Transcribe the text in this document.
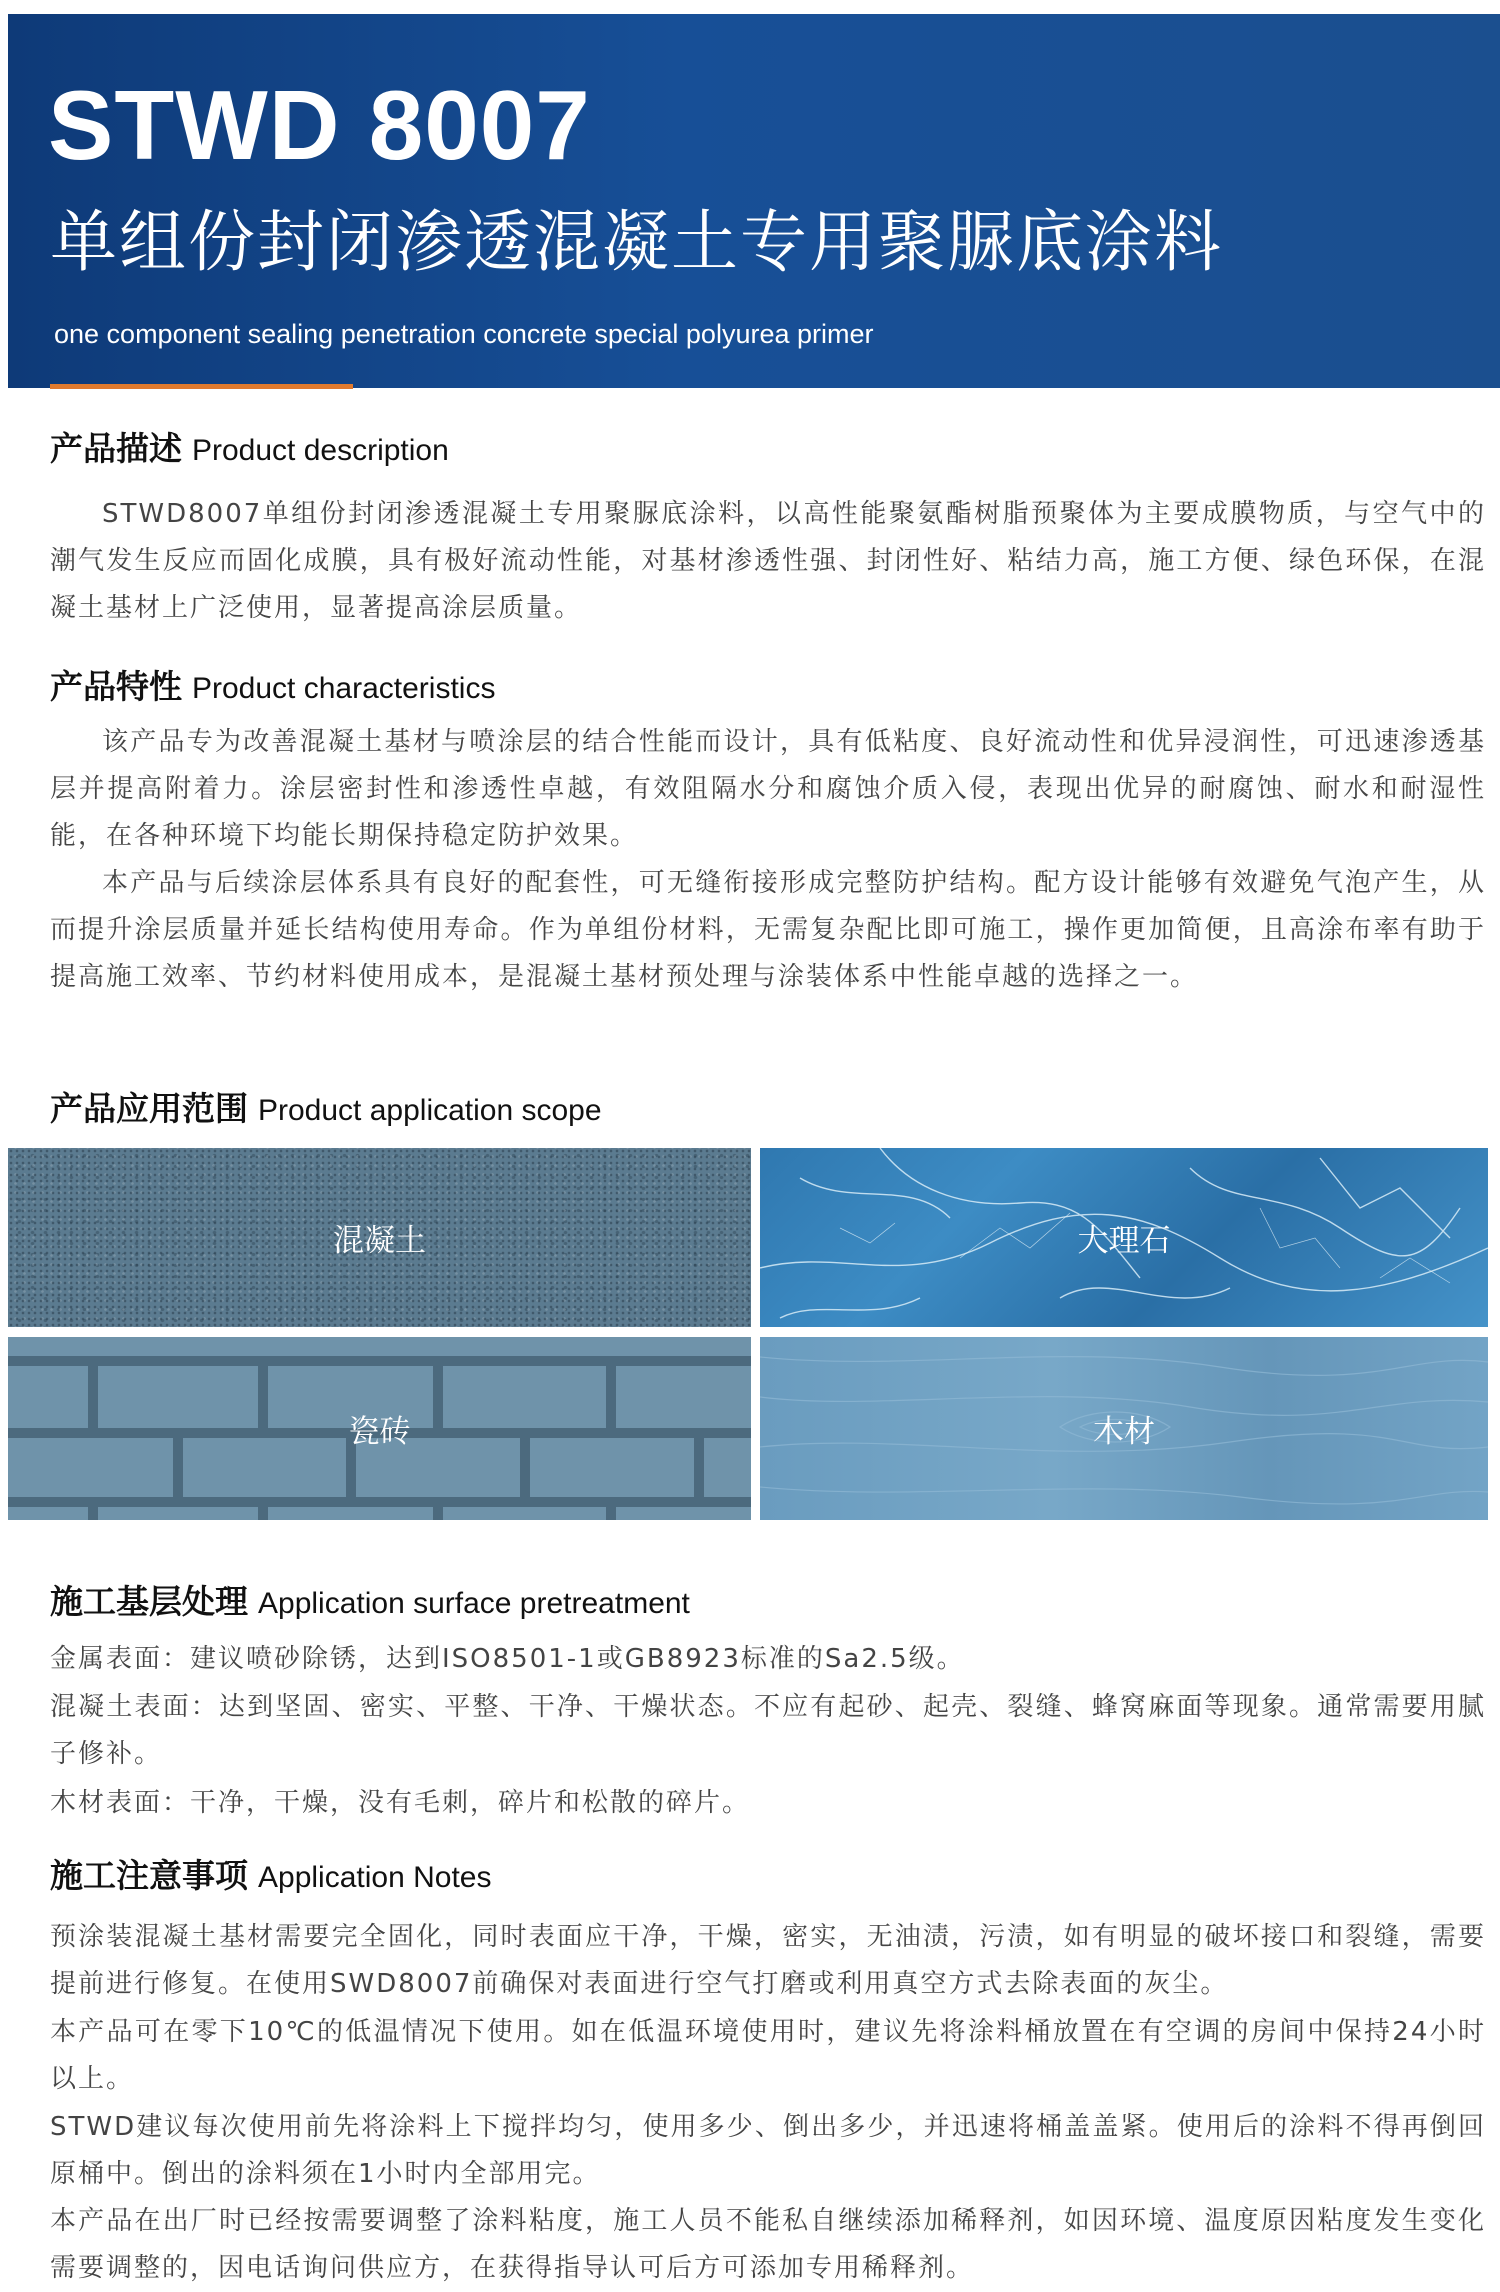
STWD 8007
单组份封闭渗透混凝土专用聚脲底涂料
one component sealing penetration concrete special polyurea primer
产品描述 Product description

STWD8007单组份封闭渗透混凝土专用聚脲底涂料，以高性能聚氨酯树脂预聚体为主要成膜物质，与空气中的潮气发生反应而固化成膜，具有极好流动性能，对基材渗透性强、封闭性好、粘结力高，施工方便、绿色环保，在混凝土基材上广泛使用，显著提高涂层质量。

产品特性 Product characteristics

该产品专为改善混凝土基材与喷涂层的结合性能而设计，具有低粘度、良好流动性和优异浸润性，可迅速渗透基层并提高附着力。涂层密封性和渗透性卓越，有效阻隔水分和腐蚀介质入侵，表现出优异的耐腐蚀、耐水和耐湿性能，在各种环境下均能长期保持稳定防护效果。

本产品与后续涂层体系具有良好的配套性，可无缝衔接形成完整防护结构。配方设计能够有效避免气泡产生，从而提升涂层质量并延长结构使用寿命。作为单组份材料，无需复杂配比即可施工，操作更加简便，且高涂布率有助于提高施工效率、节约材料使用成本，是混凝土基材预处理与涂装体系中性能卓越的选择之一。

产品应用范围 Product application scope
混凝土	大理石
瓷砖	木材
施工基层处理 Application surface pretreatment

金属表面：建议喷砂除锈，达到ISO8501-1或GB8923标准的Sa2.5级。

混凝土表面：达到坚固、密实、平整、干净、干燥状态。不应有起砂、起壳、裂缝、蜂窝麻面等现象。通常需要用腻子修补。

木材表面：干净，干燥，没有毛刺，碎片和松散的碎片。

施工注意事项 Application Notes

预涂装混凝土基材需要完全固化，同时表面应干净，干燥，密实，无油渍，污渍，如有明显的破坏接口和裂缝，需要提前进行修复。在使用SWD8007前确保对表面进行空气打磨或利用真空方式去除表面的灰尘。

本产品可在零下10℃的低温情况下使用。如在低温环境使用时，建议先将涂料桶放置在有空调的房间中保持24小时以上。

STWD建议每次使用前先将涂料上下搅拌均匀，使用多少、倒出多少，并迅速将桶盖盖紧。使用后的涂料不得再倒回原桶中。倒出的涂料须在1小时内全部用完。

本产品在出厂时已经按需要调整了涂料粘度，施工人员不能私自继续添加稀释剂，如因环境、温度原因粘度发生变化需要调整的，因电话询问供应方，在获得指导认可后方可添加专用稀释剂。
